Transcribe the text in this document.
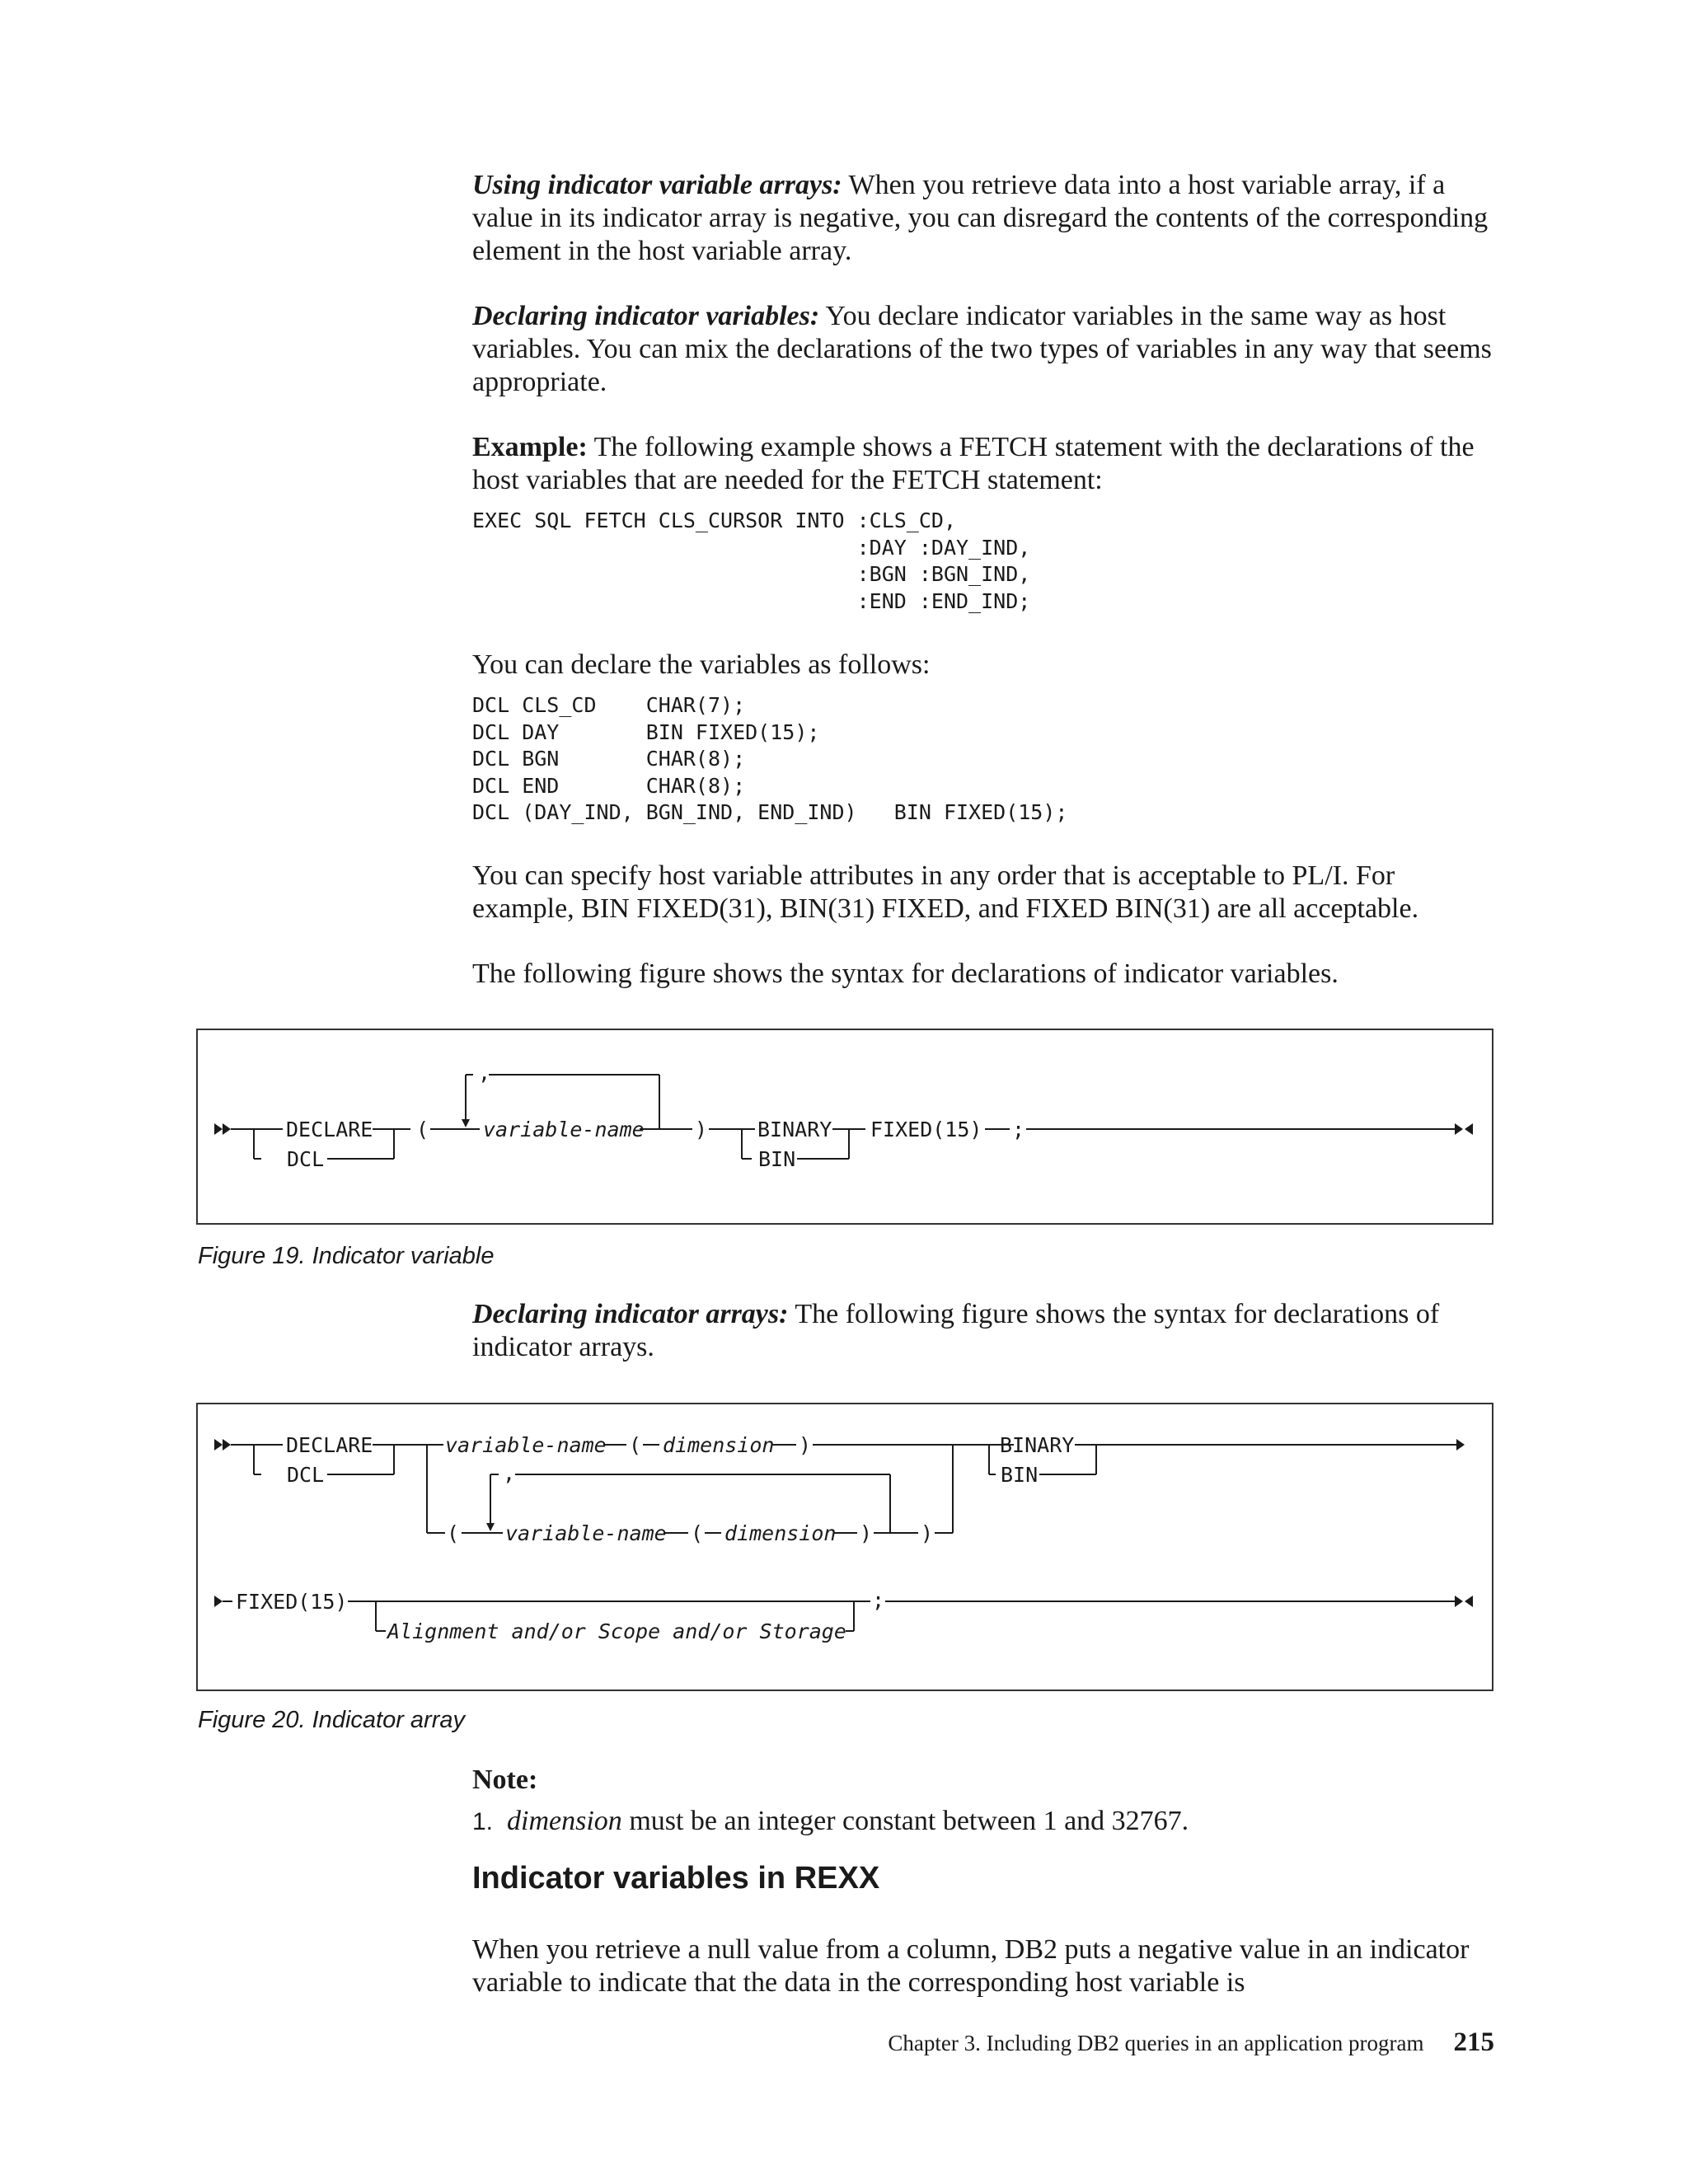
Using indicator variable arrays: When you retrieve data into a host variable array, if a value in its indicator array is negative, you can disregard the contents of the corresponding element in the host variable array.

Declaring indicator variables: You declare indicator variables in the same way as host variables. You can mix the declarations of the two types of variables in any way that seems appropriate.

Example: The following example shows a FETCH statement with the declarations of the host variables that are needed for the FETCH statement:

EXEC SQL FETCH CLS_CURSOR INTO :CLS_CD,
:DAY :DAY_IND,
:BGN :BGN_IND,
:END :END_IND;

You can declare the variables as follows:

DCL CLS_CD    CHAR(7);
DCL DAY       BIN FIXED(15);
DCL BGN       CHAR(8);
DCL END       CHAR(8);
DCL (DAY_IND, BGN_IND, END_IND)   BIN FIXED(15);

You can specify host variable attributes in any order that is acceptable to PL/I. For example, BIN FIXED(31), BIN(31) FIXED, and FIXED BIN(31) are all acceptable.

The following figure shows the syntax for declarations of indicator variables.

DECLARE
DCL
(
,
variable-name ) BINARY
BIN
FIXED(15) ;

Figure 19. Indicator variable

Declaring indicator arrays: The following figure shows the syntax for declarations of indicator arrays.

DECLARE
DCL
variable-name ( dimension )
(
,
variable-name ( dimension ) )
BINARY
BIN
FIXED(15)
Alignment and/or Scope and/or Storage
;

Figure 20. Indicator array

Note:

1. dimension must be an integer constant between 1 and 32767.

Indicator variables in REXX

When you retrieve a null value from a column, DB2 puts a negative value in an indicator variable to indicate that the data in the corresponding host variable is

Chapter 3. Including DB2 queries in an application program 215
